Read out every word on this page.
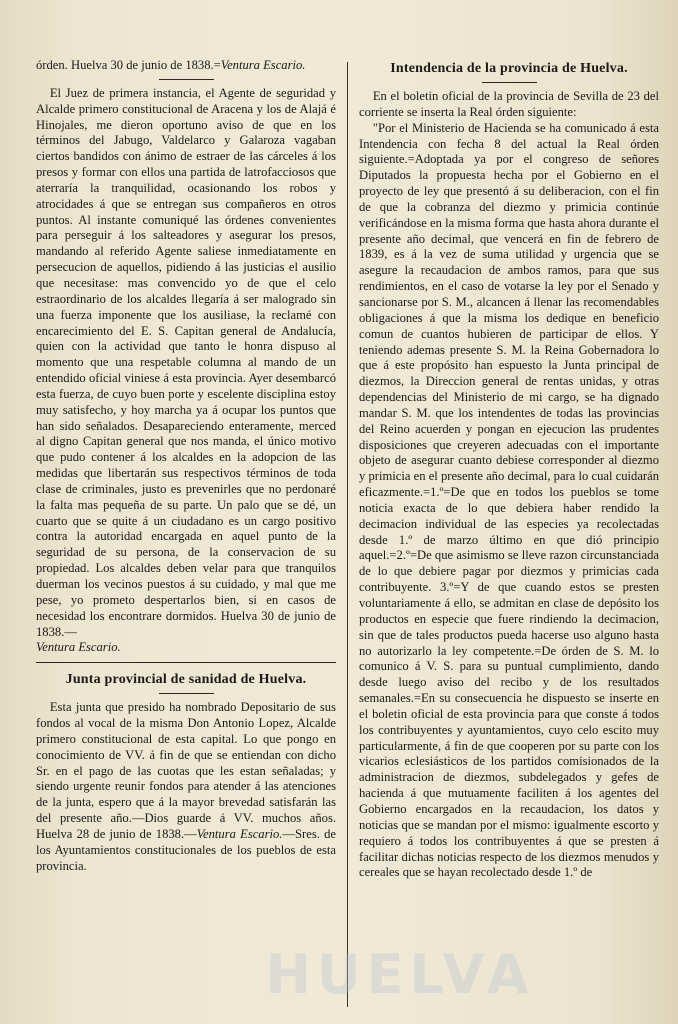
órden. Huelva 30 de junio de 1838.=Ventura Escario.

El Juez de primera instancia, el Agente de seguridad y Alcalde primero constitucional de Aracena y los de Alajá é Hinojales, me dieron oportuno aviso de que en los términos del Jabugo, Valdelarco y Galaroza vagaban ciertos bandidos con ánimo de estraer de las cárceles á los presos y formar con ellos una partida de latrofacciosos que aterraría la tranquilidad, ocasionando los robos y atrocidades á que se entregan sus compañeros en otros puntos. Al instante comuniqué las órdenes convenientes para perseguir á los salteadores y asegurar los presos, mandando al referido Agente saliese inmediatamente en persecucion de aquellos, pidiendo á las justicias el ausilio que necesitase: mas convencido yo de que el celo estraordinario de los alcaldes llegaría á ser malogrado sin una fuerza imponente que los ausiliase, la reclamé con encarecimiento del E. S. Capitan general de Andalucía, quien con la actividad que tanto le honra dispuso al momento que una respetable columna al mando de un entendido oficial viniese á esta provincia. Ayer desembarcó esta fuerza, de cuyo buen porte y escelente disciplina estoy muy satisfecho, y hoy marcha ya á ocupar los puntos que han sido señalados. Desapareciendo enteramente, merced al digno Capitan general que nos manda, el único motivo que pudo contener á los alcaldes en la adopcion de las medidas que libertarán sus respectivos términos de toda clase de criminales, justo es prevenirles que no perdonaré la falta mas pequeña de su parte. Un palo que se dé, un cuarto que se quite á un ciudadano es un cargo positivo contra la autoridad encargada en aquel punto de la seguridad de su persona, de la conservacion de su propiedad. Los alcaldes deben velar para que tranquilos duerman los vecinos puestos á su cuidado, y mal que me pese, yo prometo despertarlos bien, si en casos de necesidad los encontrare dormidos. Huelva 30 de junio de 1838.—

Ventura Escario.

Junta provincial de sanidad de Huelva.

Esta junta que presido ha nombrado Depositario de sus fondos al vocal de la misma Don Antonio Lopez, Alcalde primero constitucional de esta capital. Lo que pongo en conocimiento de VV. á fin de que se entiendan con dicho Sr. en el pago de las cuotas que les estan señaladas; y siendo urgente reunir fondos para atender á las atenciones de la junta, espero que á la mayor brevedad satisfarán las del presente año.—Dios guarde á VV. muchos años. Huelva 28 de junio de 1838.—Ventura Escario.—Sres. de los Ayuntamientos constitucionales de los pueblos de esta provincia.

Intendencia de la provincia de Huelva.

En el boletin oficial de la provincia de Sevilla de 23 del corriente se inserta la Real órden siguiente:

"Por el Ministerio de Hacienda se ha comunicado á esta Intendencia con fecha 8 del actual la Real órden siguiente.=Adoptada ya por el congreso de señores Diputados la propuesta hecha por el Gobierno en el proyecto de ley que presentó á su deliberacion, con el fin de que la cobranza del diezmo y primicia continúe verificándose en la misma forma que hasta ahora durante el presente año decimal, que vencerá en fin de febrero de 1839, es á la vez de suma utilidad y urgencia que se asegure la recaudacion de ambos ramos, para que sus rendimientos, en el caso de votarse la ley por el Senado y sancionarse por S. M., alcancen á llenar las recomendables obligaciones á que la misma los dedique en beneficio comun de cuantos hubieren de participar de ellos. Y teniendo ademas presente S. M. la Reina Gobernadora lo que á este propósito han espuesto la Junta principal de diezmos, la Direccion general de rentas unidas, y otras dependencias del Ministerio de mi cargo, se ha dignado mandar S. M. que los intendentes de todas las provincias del Reino acuerden y pongan en ejecucion las prudentes disposiciones que creyeren adecuadas con el importante objeto de asegurar cuanto debiese corresponder al diezmo y primicia en el presente año decimal, para lo cual cuidarán eficazmente.=1.º=De que en todos los pueblos se tome noticia exacta de lo que debiera haber rendido la decimacion individual de las especies ya recolectadas desde 1.º de marzo último en que dió principio aquel.=2.º=De que asimismo se lleve razon circunstanciada de lo que debiere pagar por diezmos y primicias cada contribuyente. 3.º=Y de que cuando estos se presten voluntariamente á ello, se admitan en clase de depósito los productos en especie que fuere rindiendo la decimacion, sin que de tales productos pueda hacerse uso alguno hasta no autorizarlo la ley competente.=De órden de S. M. lo comunico á V. S. para su puntual cumplimiento, dando desde luego aviso del recibo y de los resultados semanales.=En su consecuencia he dispuesto se inserte en el boletin oficial de esta provincia para que conste á todos los contribuyentes y ayuntamientos, cuyo celo escito muy particularmente, á fin de que cooperen por su parte con los vicarios eclesiásticos de los partidos comisionados de la administracion de diezmos, subdelegados y gefes de hacienda á que mutuamente faciliten á los agentes del Gobierno encargados en la recaudacion, los datos y noticias que se mandan por el mismo: igualmente escorto y requiero á todos los contribuyentes á que se presten á facilitar dichas noticias respecto de los diezmos menudos y cereales que se hayan recolectado desde 1.º de

HUELVA
